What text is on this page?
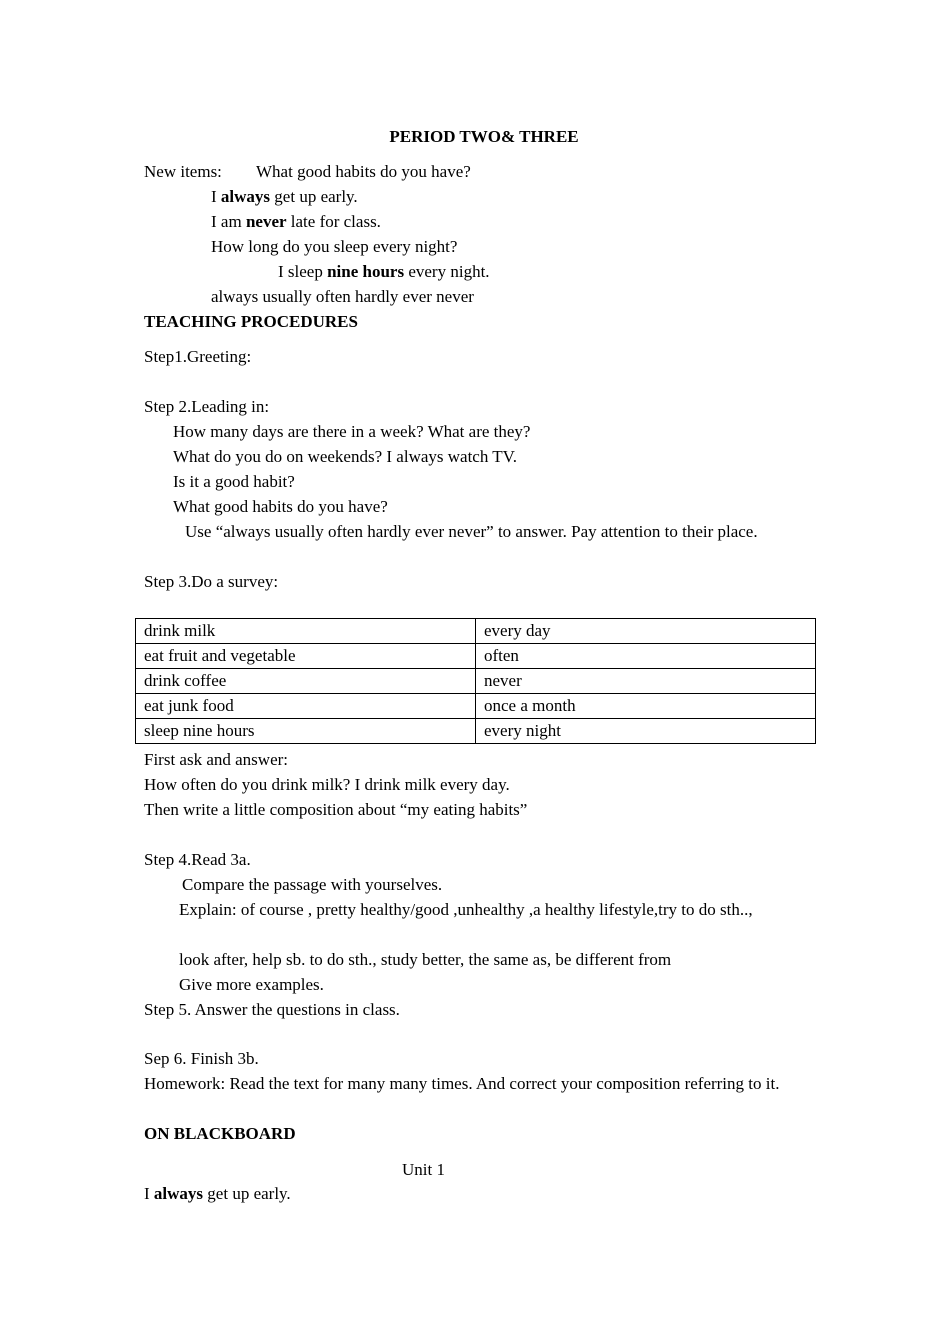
PERIOD TWO& THREE
New items: What good habits do you have?
I always get up early.
I am never late for class.
How long do you sleep every night?
I sleep nine hours every night.
always usually often hardly ever never
TEACHING PROCEDURES
Step1.Greeting:
Step 2.Leading in:
How many days are there in a week? What are they?
What do you do on weekends? I always watch TV.
Is it a good habit?
What good habits do you have?
Use “always usually often hardly ever never” to answer. Pay attention to their place.
Step 3.Do a survey:
drink milk	every day
eat fruit and vegetable	often
drink coffee	never
eat junk food	once a month
sleep nine hours	every night
First ask and answer:
How often do you drink milk? I drink milk every day.
Then write a little composition about “my eating habits”
Step 4.Read 3a.
Compare the passage with yourselves.
Explain: of course , pretty healthy/good ,unhealthy ,a healthy lifestyle,try to do sth..,
look after, help sb. to do sth., study better, the same as, be different from
Give more examples.
Step 5. Answer the questions in class.
Sep 6. Finish 3b.
Homework: Read the text for many many times. And correct your composition referring to it.
ON BLACKBOARD
Unit 1
I always get up early.
